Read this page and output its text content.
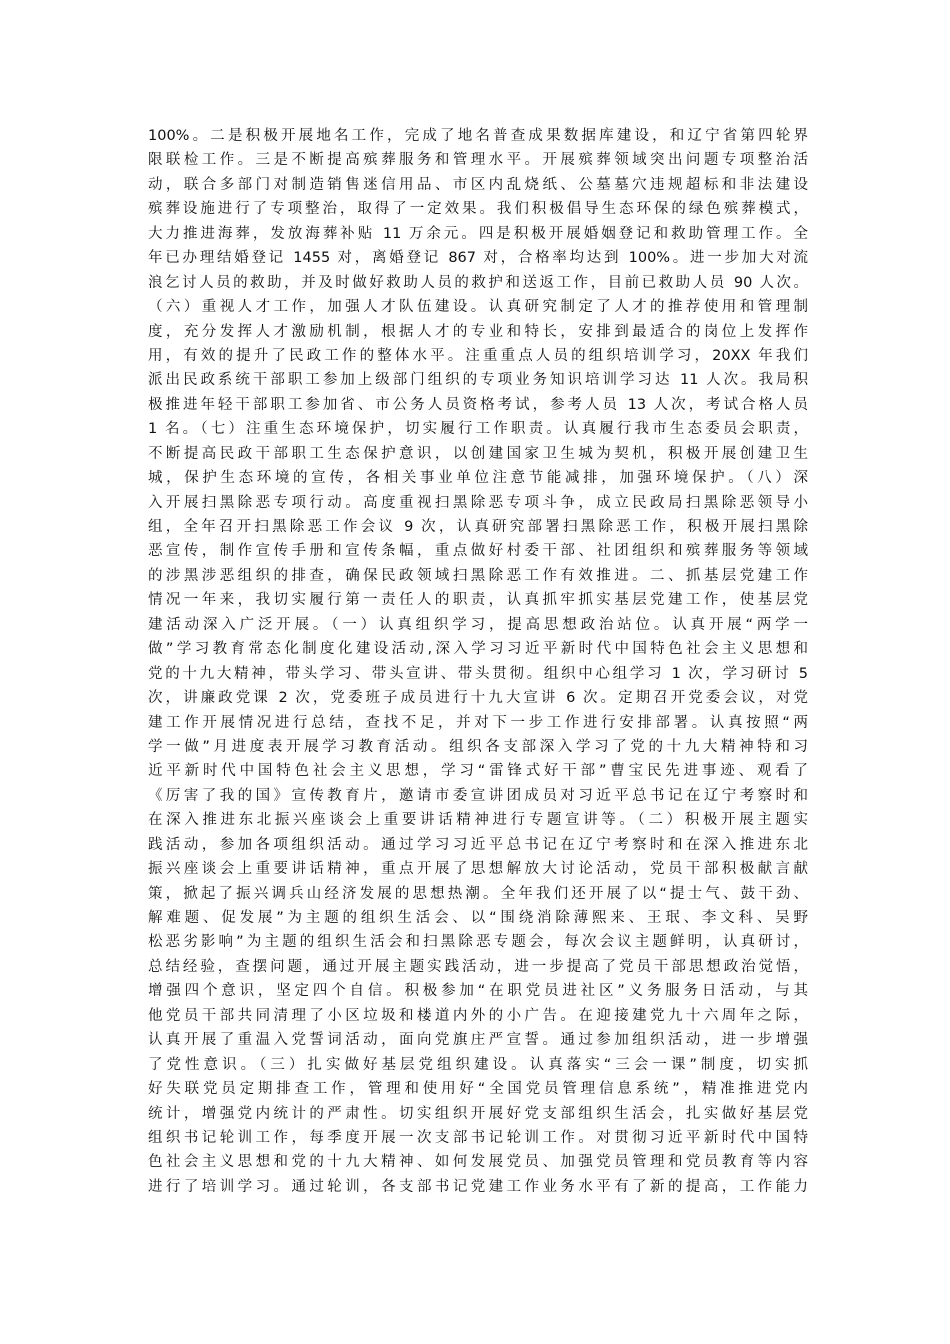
100%。二是积极开展地名工作，完成了地名普查成果数据库建设，和辽宁省第四轮界
限联检工作。三是不断提高殡葬服务和管理水平。开展殡葬领域突出问题专项整治活
动，联合多部门对制造销售迷信用品、市区内乱烧纸、公墓墓穴违规超标和非法建设
殡葬设施进行了专项整治，取得了一定效果。我们积极倡导生态环保的绿色殡葬模式，
大力推进海葬，发放海葬补贴 11 万余元。四是积极开展婚姻登记和救助管理工作。全
年已办理结婚登记 1455 对，离婚登记 867 对，合格率均达到 100%。进一步加大对流
浪乞讨人员的救助，并及时做好救助人员的救护和送返工作，目前已救助人员 90 人次。
（六）重视人才工作，加强人才队伍建设。认真研究制定了人才的推荐使用和管理制
度，充分发挥人才激励机制，根据人才的专业和特长，安排到最适合的岗位上发挥作
用，有效的提升了民政工作的整体水平。注重重点人员的组织培训学习，20XX 年我们
派出民政系统干部职工参加上级部门组织的专项业务知识培训学习达 11 人次。我局积
极推进年轻干部职工参加省、市公务人员资格考试，参考人员 13 人次，考试合格人员
1 名。（七）注重生态环境保护，切实履行工作职责。认真履行我市生态委员会职责，
不断提高民政干部职工生态保护意识，以创建国家卫生城为契机，积极开展创建卫生
城，保护生态环境的宣传，各相关事业单位注意节能减排，加强环境保护。（八）深
入开展扫黑除恶专项行动。高度重视扫黑除恶专项斗争，成立民政局扫黑除恶领导小
组，全年召开扫黑除恶工作会议 9 次，认真研究部署扫黑除恶工作，积极开展扫黑除
恶宣传，制作宣传手册和宣传条幅，重点做好村委干部、社团组织和殡葬服务等领域
的涉黑涉恶组织的排查，确保民政领域扫黑除恶工作有效推进。二、抓基层党建工作
情况一年来，我切实履行第一责任人的职责，认真抓牢抓实基层党建工作，使基层党
建活动深入广泛开展。（一）认真组织学习，提高思想政治站位。认真开展“两学一
做”学习教育常态化制度化建设活动,深入学习习近平新时代中国特色社会主义思想和
党的十九大精神，带头学习、带头宣讲、带头贯彻。组织中心组学习 1 次，学习研讨 5
次，讲廉政党课 2 次，党委班子成员进行十九大宣讲 6 次。定期召开党委会议，对党
建工作开展情况进行总结，查找不足，并对下一步工作进行安排部署。认真按照“两
学一做”月进度表开展学习教育活动。组织各支部深入学习了党的十九大精神特和习
近平新时代中国特色社会主义思想，学习“雷锋式好干部”曹宝民先进事迹、观看了
《厉害了我的国》宣传教育片，邀请市委宣讲团成员对习近平总书记在辽宁考察时和
在深入推进东北振兴座谈会上重要讲话精神进行专题宣讲等。（二）积极开展主题实
践活动，参加各项组织活动。通过学习习近平总书记在辽宁考察时和在深入推进东北
振兴座谈会上重要讲话精神，重点开展了思想解放大讨论活动，党员干部积极献言献
策，掀起了振兴调兵山经济发展的思想热潮。全年我们还开展了以“提士气、鼓干劲、
解难题、促发展”为主题的组织生活会、以“围绕消除薄熙来、王珉、李文科、吴野
松恶劣影响”为主题的组织生活会和扫黑除恶专题会，每次会议主题鲜明，认真研讨，
总结经验，查摆问题，通过开展主题实践活动，进一步提高了党员干部思想政治觉悟，
增强四个意识，坚定四个自信。积极参加“在职党员进社区”义务服务日活动，与其
他党员干部共同清理了小区垃圾和楼道内外的小广告。在迎接建党九十六周年之际，
认真开展了重温入党誓词活动，面向党旗庄严宣誓。通过参加组织活动，进一步增强
了党性意识。（三）扎实做好基层党组织建设。认真落实“三会一课”制度，切实抓
好失联党员定期排查工作，管理和使用好“全国党员管理信息系统”，精准推进党内
统计，增强党内统计的严肃性。切实组织开展好党支部组织生活会，扎实做好基层党
组织书记轮训工作，每季度开展一次支部书记轮训工作。对贯彻习近平新时代中国特
色社会主义思想和党的十九大精神、如何发展党员、加强党员管理和党员教育等内容
进行了培训学习。通过轮训，各支部书记党建工作业务水平有了新的提高，工作能力
